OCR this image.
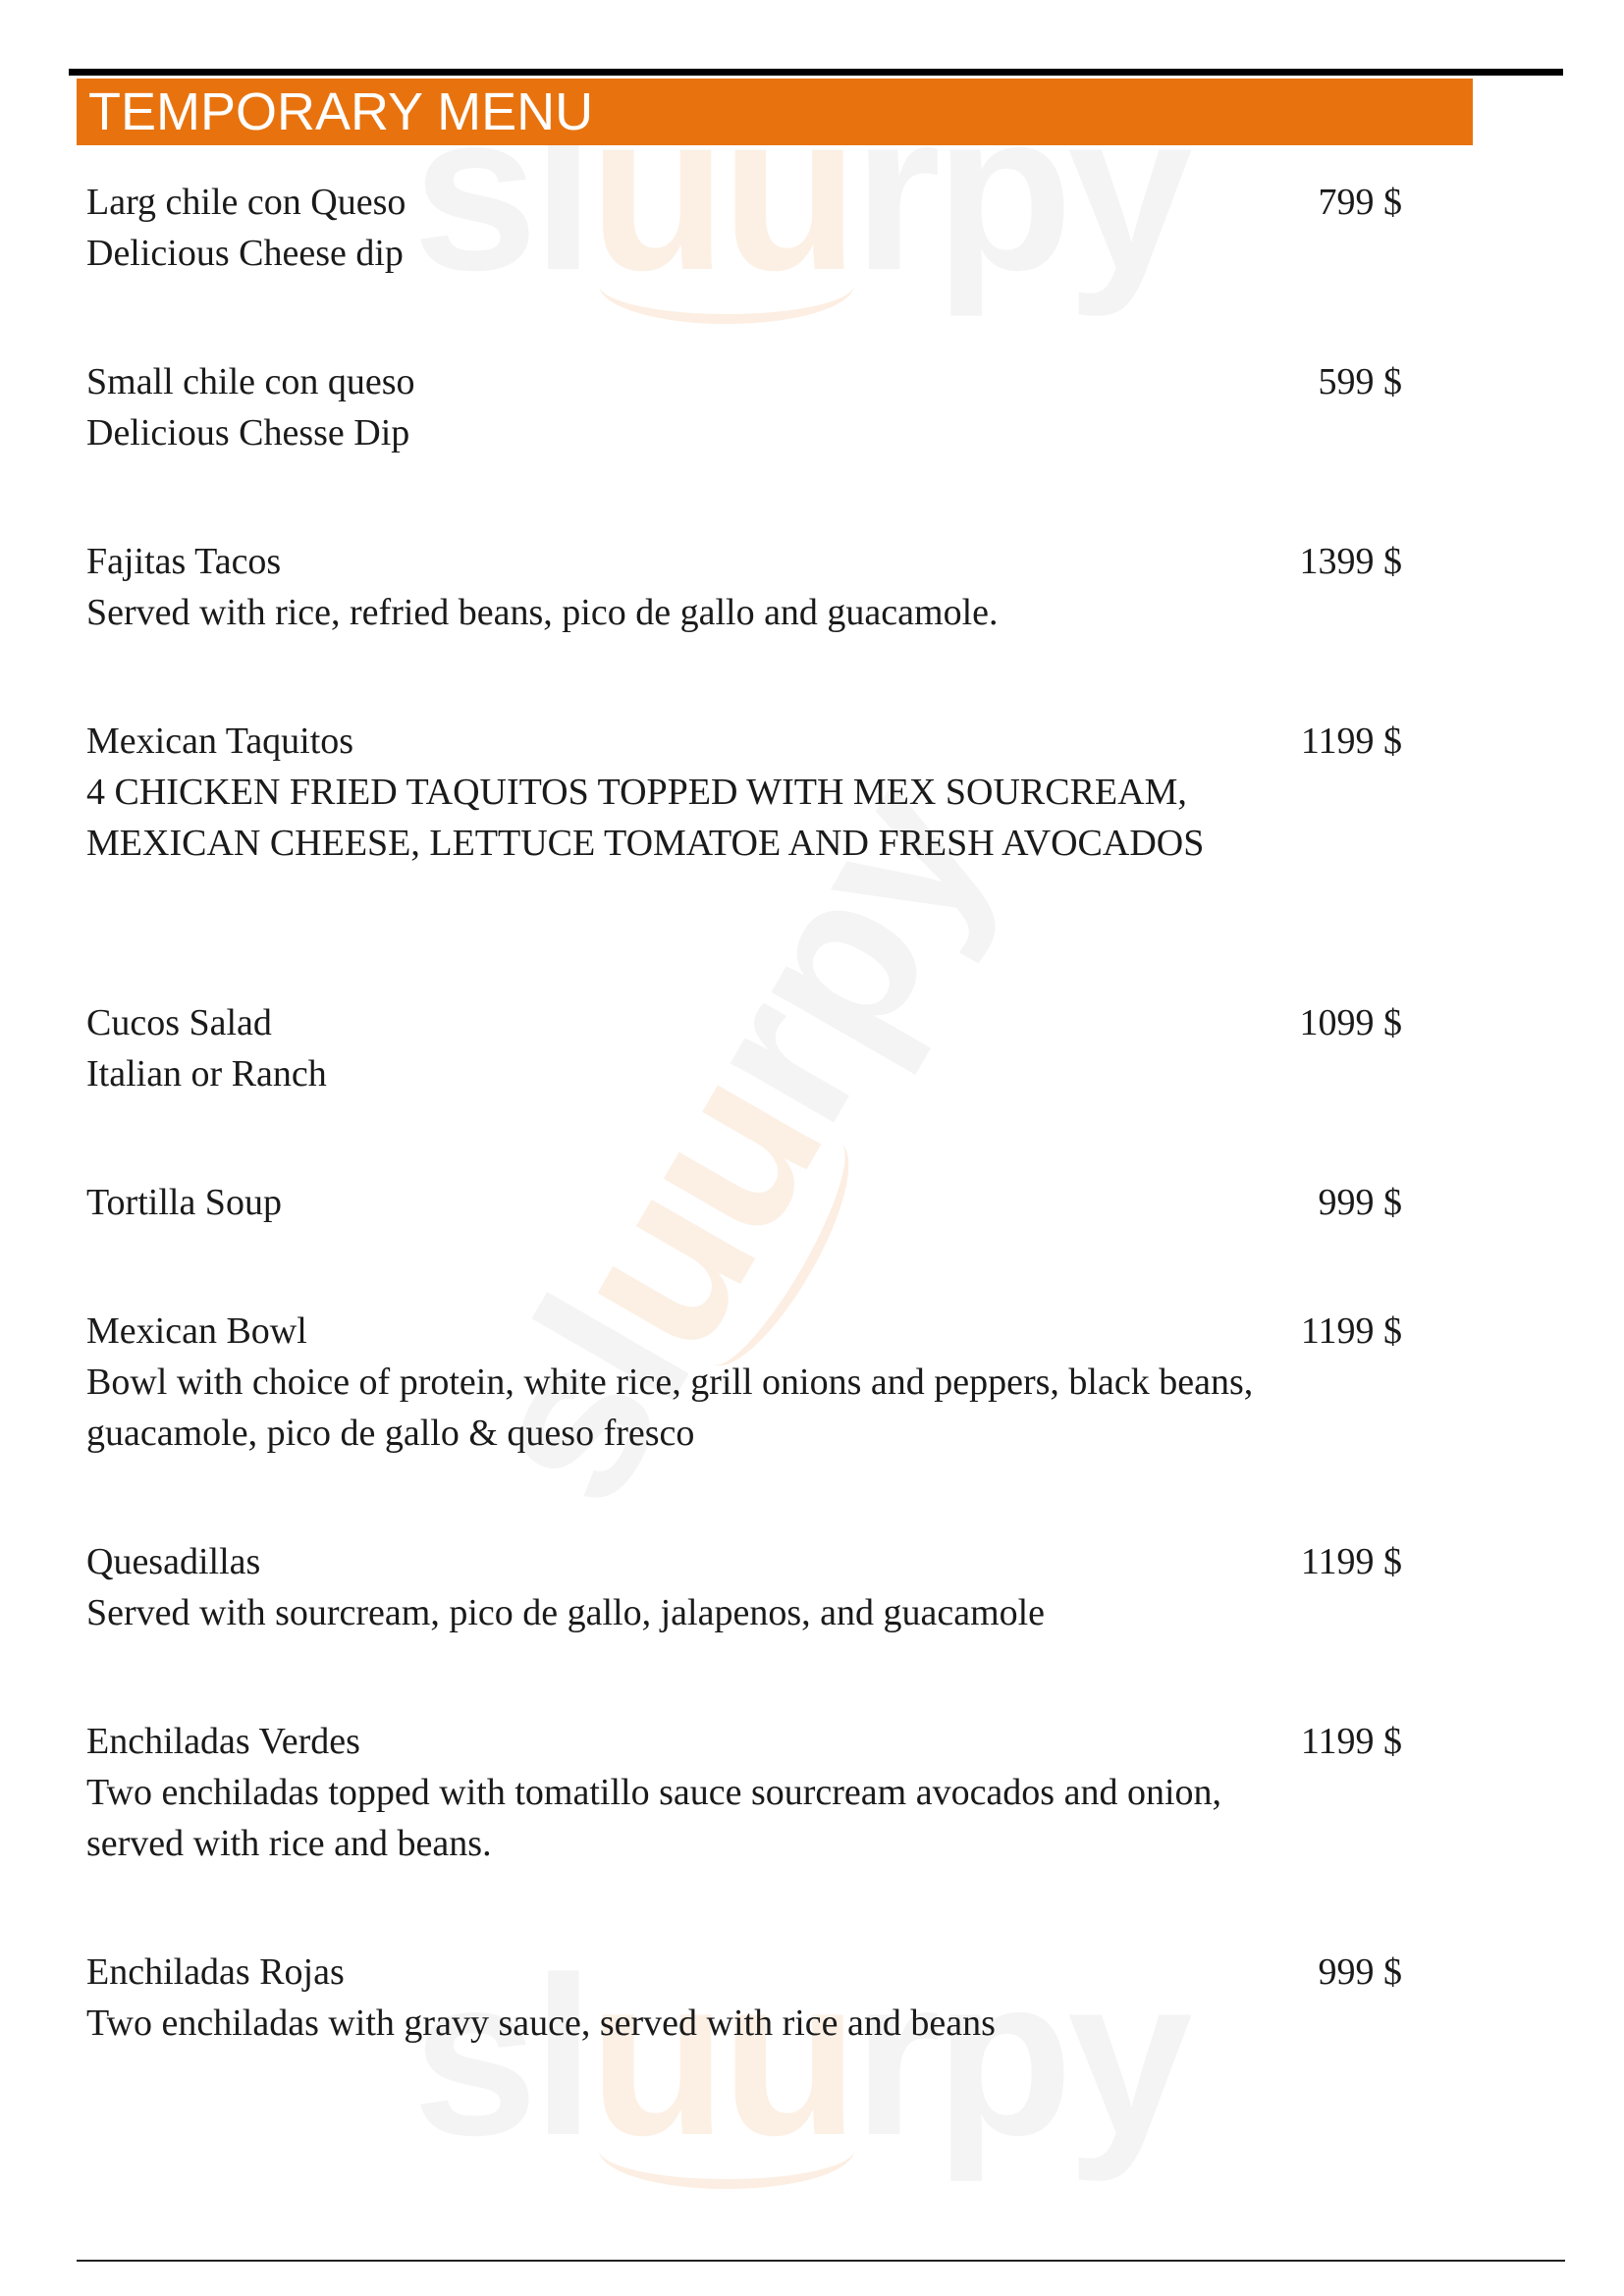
uu
uu
uu
TEMPORARY MENU
Larg chile con Queso
Delicious Cheese dip
799 $
Small chile con queso
Delicious Chesse Dip
599 $
Fajitas Tacos
Served with rice, refried beans, pico de gallo and guacamole.
1399 $
Mexican Taquitos
4 CHICKEN FRIED TAQUITOS TOPPED WITH MEX SOURCREAM, MEXICAN CHEESE, LETTUCE TOMATOE AND FRESH AVOCADOS
1199 $
Cucos Salad
Italian or Ranch
1099 $
Tortilla Soup	999 $
Mexican Bowl
Bowl with choice of protein, white rice, grill onions and peppers, black beans, guacamole, pico de gallo & queso fresco
1199 $
Quesadillas
Served with sourcream, pico de gallo, jalapenos, and guacamole
1199 $
Enchiladas Verdes
Two enchiladas topped with tomatillo sauce sourcream avocados and onion, served with rice and beans.
1199 $
Enchiladas Rojas
Two enchiladas with gravy sauce, served with rice and beans
999 $
